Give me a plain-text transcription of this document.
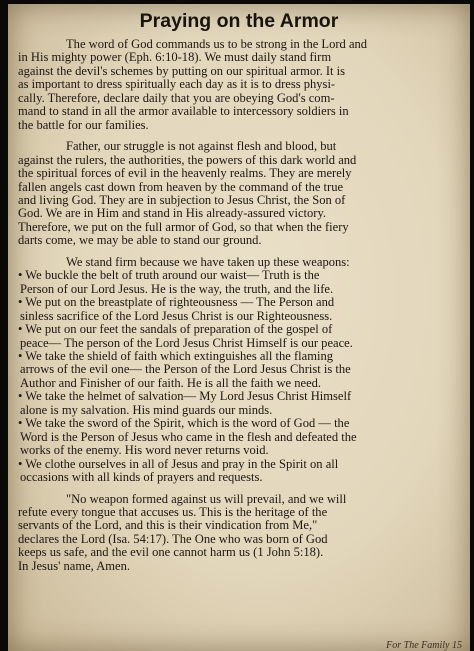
Praying on the Armor
The word of God commands us to be strong in the Lord and
in His mighty power (Eph. 6:10-18). We must daily stand firm
against the devil's schemes by putting on our spiritual armor. It is
as important to dress spiritually each day as it is to dress physi-
cally. Therefore, declare daily that you are obeying God's com-
mand to stand in all the armor available to intercessory soldiers in
the battle for our families.
Father, our struggle is not against flesh and blood, but
against the rulers, the authorities, the powers of this dark world and
the spiritual forces of evil in the heavenly realms. They are merely
fallen angels cast down from heaven by the command of the true
and living God. They are in subjection to Jesus Christ, the Son of
God. We are in Him and stand in His already-assured victory.
Therefore, we put on the full armor of God, so that when the fiery
darts come, we may be able to stand our ground.
We stand firm because we have taken up these weapons:
• We buckle the belt of truth around our waist— Truth is the
Person of our Lord Jesus. He is the way, the truth, and the life.
• We put on the breastplate of righteousness — The Person and
sinless sacrifice of the Lord Jesus Christ is our Righteousness.
• We put on our feet the sandals of preparation of the gospel of
peace— The person of the Lord Jesus Christ Himself is our peace.
• We take the shield of faith which extinguishes all the flaming
arrows of the evil one— the Person of the Lord Jesus Christ is the
Author and Finisher of our faith. He is all the faith we need.
• We take the helmet of salvation— My Lord Jesus Christ Himself
alone is my salvation. His mind guards our minds.
• We take the sword of the Spirit, which is the word of God — the
Word is the Person of Jesus who came in the flesh and defeated the
works of the enemy. His word never returns void.
• We clothe ourselves in all of Jesus and pray in the Spirit on all
occasions with all kinds of prayers and requests.
"No weapon formed against us will prevail, and we will
refute every tongue that accuses us. This is the heritage of the
servants of the Lord, and this is their vindication from Me,"
declares the Lord (Isa. 54:17). The One who was born of God
keeps us safe, and the evil one cannot harm us (1 John 5:18).
In Jesus' name, Amen.
For The Family 15
